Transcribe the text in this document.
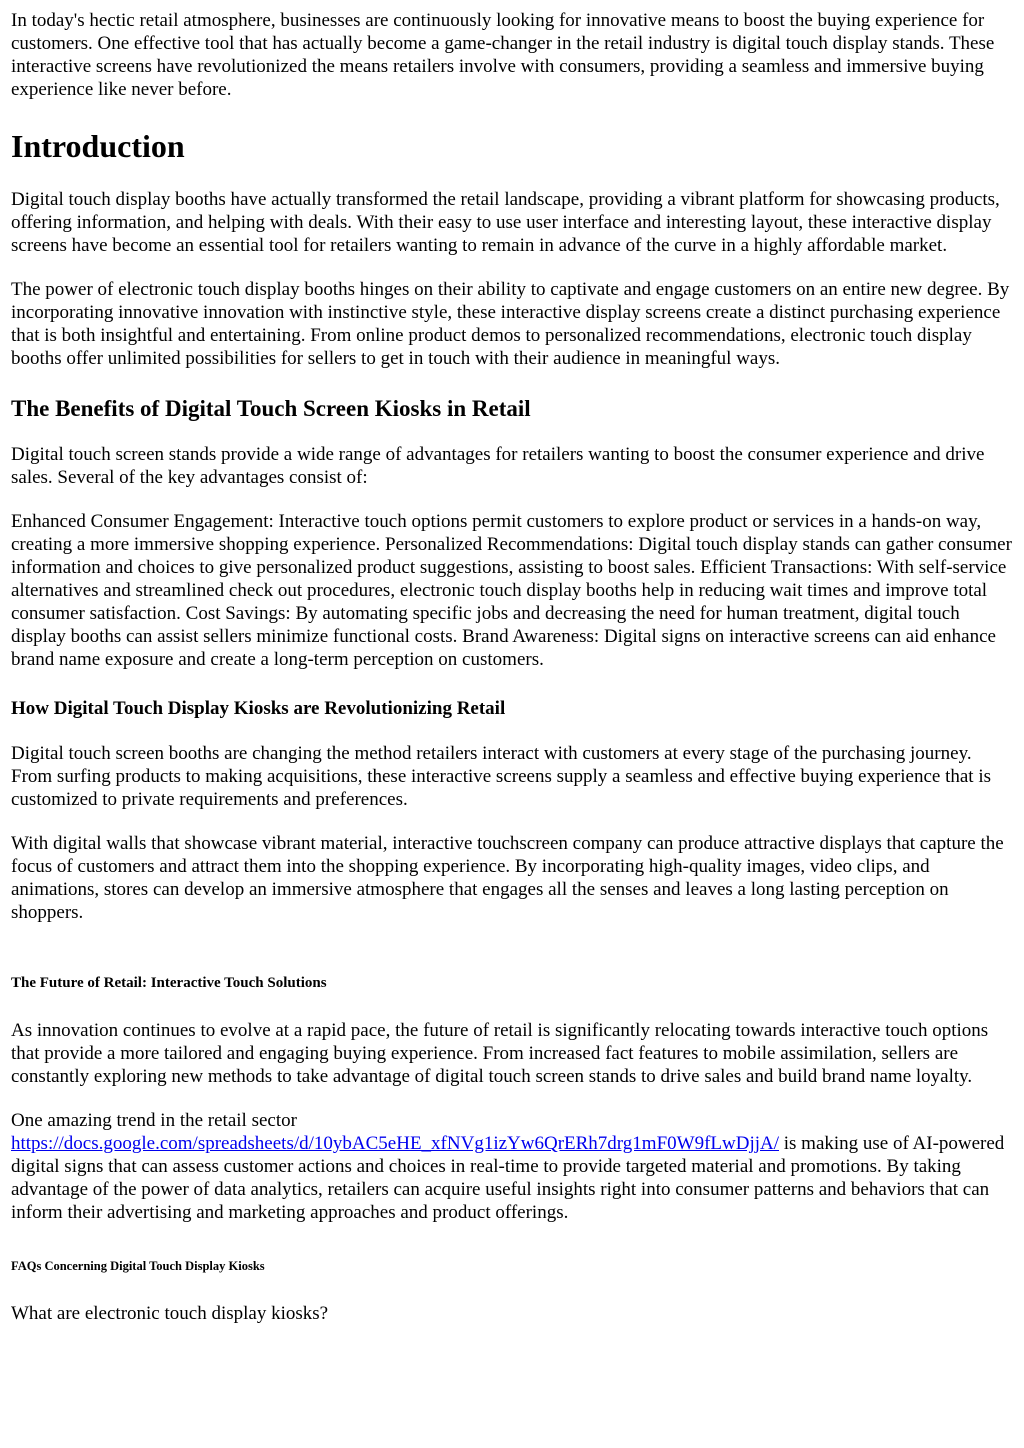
In today's hectic retail atmosphere, businesses are continuously looking for innovative means to boost the buying experience for customers. One effective tool that has actually become a game-changer in the retail industry is digital touch display stands. These interactive screens have revolutionized the means retailers involve with consumers, providing a seamless and immersive buying experience like never before.

Introduction

Digital touch display booths have actually transformed the retail landscape, providing a vibrant platform for showcasing products, offering information, and helping with deals. With their easy to use user interface and interesting layout, these interactive display screens have become an essential tool for retailers wanting to remain in advance of the curve in a highly affordable market.

The power of electronic touch display booths hinges on their ability to captivate and engage customers on an entire new degree. By incorporating innovative innovation with instinctive style, these interactive display screens create a distinct purchasing experience that is both insightful and entertaining. From online product demos to personalized recommendations, electronic touch display booths offer unlimited possibilities for sellers to get in touch with their audience in meaningful ways.

The Benefits of Digital Touch Screen Kiosks in Retail

Digital touch screen stands provide a wide range of advantages for retailers wanting to boost the consumer experience and drive sales. Several of the key advantages consist of:

Enhanced Consumer Engagement: Interactive touch options permit customers to explore product or services in a hands-on way, creating a more immersive shopping experience. Personalized Recommendations: Digital touch display stands can gather consumer information and choices to give personalized product suggestions, assisting to boost sales. Efficient Transactions: With self-service alternatives and streamlined check out procedures, electronic touch display booths help in reducing wait times and improve total consumer satisfaction. Cost Savings: By automating specific jobs and decreasing the need for human treatment, digital touch display booths can assist sellers minimize functional costs. Brand Awareness: Digital signs on interactive screens can aid enhance brand name exposure and create a long-term perception on customers.

How Digital Touch Display Kiosks are Revolutionizing Retail

Digital touch screen booths are changing the method retailers interact with customers at every stage of the purchasing journey. From surfing products to making acquisitions, these interactive screens supply a seamless and effective buying experience that is customized to private requirements and preferences.

With digital walls that showcase vibrant material, interactive touchscreen company can produce attractive displays that capture the focus of customers and attract them into the shopping experience. By incorporating high-quality images, video clips, and animations, stores can develop an immersive atmosphere that engages all the senses and leaves a long lasting perception on shoppers.

The Future of Retail: Interactive Touch Solutions

As innovation continues to evolve at a rapid pace, the future of retail is significantly relocating towards interactive touch options that provide a more tailored and engaging buying experience. From increased fact features to mobile assimilation, sellers are constantly exploring new methods to take advantage of digital touch screen stands to drive sales and build brand name loyalty.

One amazing trend in the retail sector
https://docs.google.com/spreadsheets/d/10ybAC5eHE_xfNVg1izYw6QrERh7drg1mF0W9fLwDjjA/ is making use of AI-powered digital signs that can assess customer actions and choices in real-time to provide targeted material and promotions. By taking advantage of the power of data analytics, retailers can acquire useful insights right into consumer patterns and behaviors that can inform their advertising and marketing approaches and product offerings.

FAQs Concerning Digital Touch Display Kiosks

What are electronic touch display kiosks?
